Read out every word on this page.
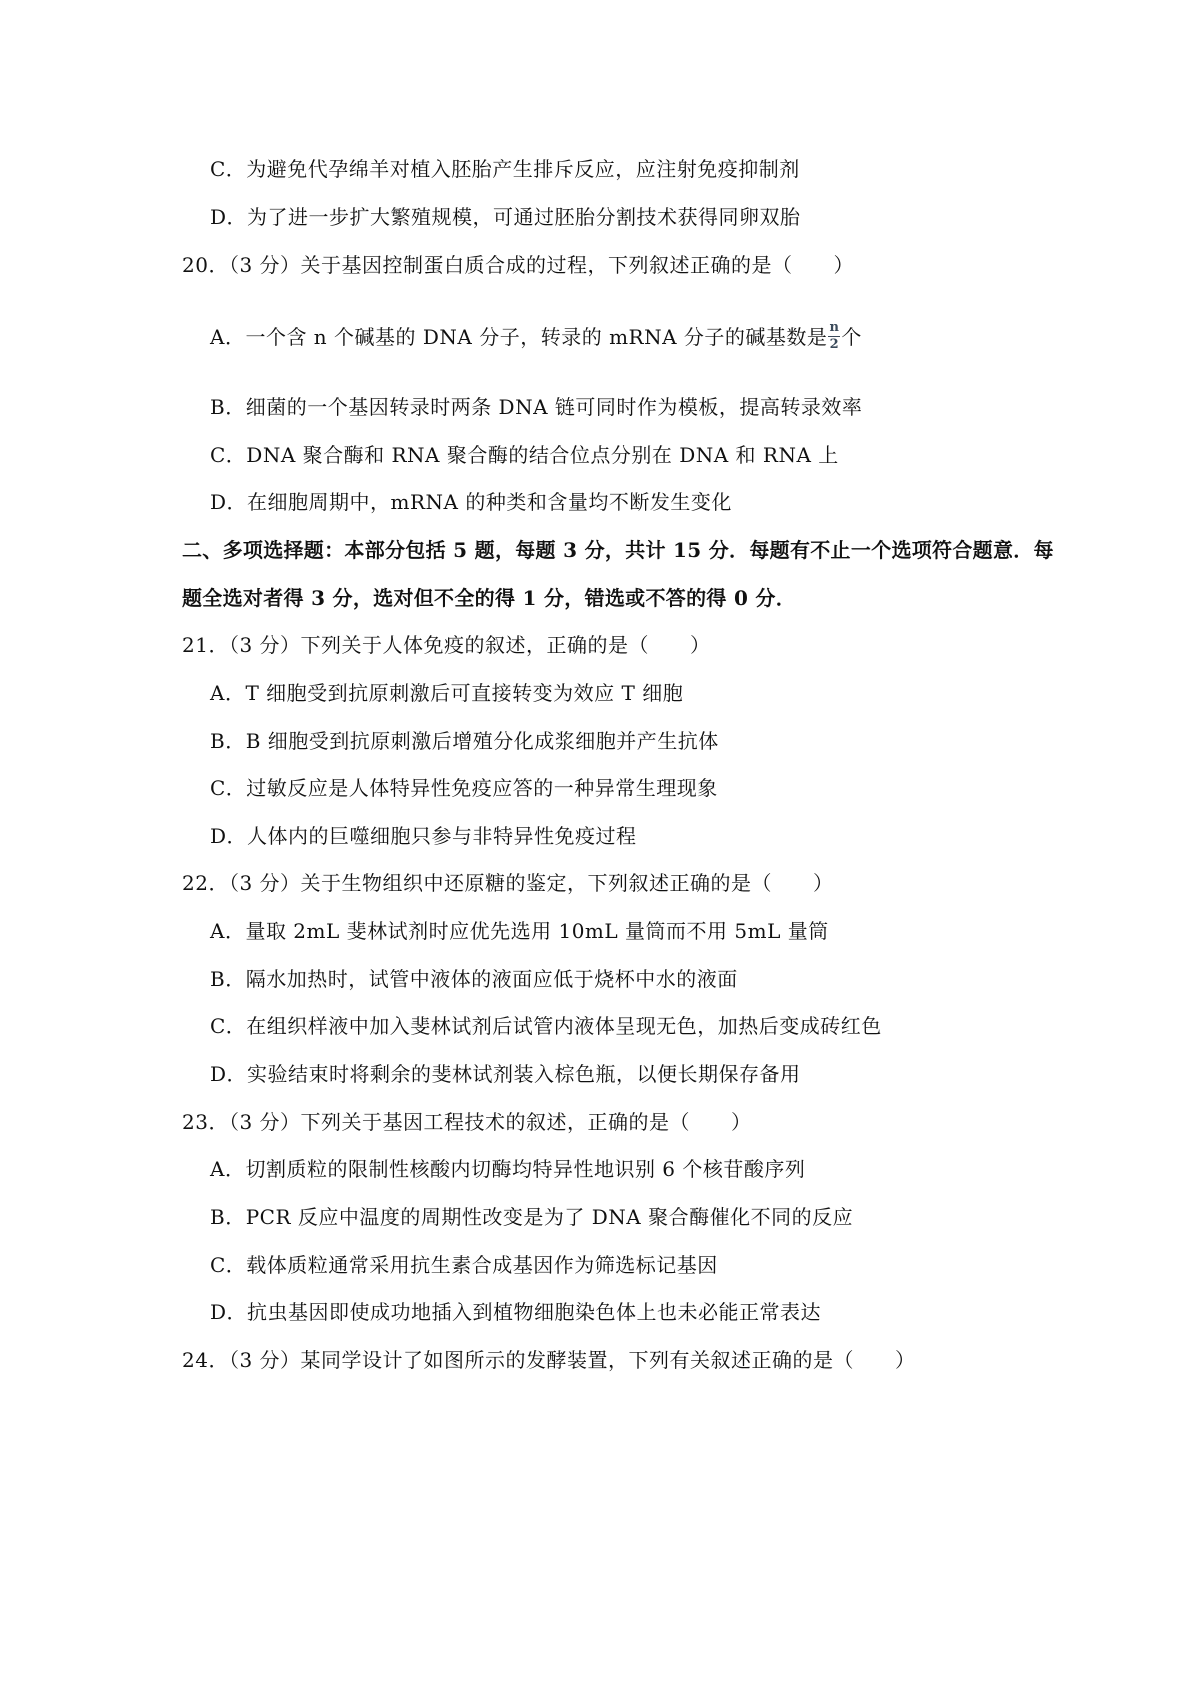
C．为避免代孕绵羊对植入胚胎产生排斥反应，应注射免疫抑制剂
D．为了进一步扩大繁殖规模，可通过胚胎分割技术获得同卵双胎
20．（3 分）关于基因控制蛋白质合成的过程，下列叙述正确的是（　　）
A．一个含 n 个碱基的 DNA 分子，转录的 mRNA 分子的碱基数是 $\frac{n}{2}$ 个
B．细菌的一个基因转录时两条 DNA 链可同时作为模板，提高转录效率
C．DNA 聚合酶和 RNA 聚合酶的结合位点分别在 DNA 和 RNA 上
D．在细胞周期中，mRNA 的种类和含量均不断发生变化
二、多项选择题：本部分包括 5 题，每题 3 分，共计 15 分．每题有不止一个选项符合题意．每
题全选对者得 3 分，选对但不全的得 1 分，错选或不答的得 0 分．
21．（3 分）下列关于人体免疫的叙述，正确的是（　　）
A．T 细胞受到抗原刺激后可直接转变为效应 T 细胞
B．B 细胞受到抗原刺激后增殖分化成浆细胞并产生抗体
C．过敏反应是人体特异性免疫应答的一种异常生理现象
D．人体内的巨噬细胞只参与非特异性免疫过程
22．（3 分）关于生物组织中还原糖的鉴定，下列叙述正确的是（　　）
A．量取 2mL 斐林试剂时应优先选用 10mL 量筒而不用 5mL 量筒
B．隔水加热时，试管中液体的液面应低于烧杯中水的液面
C．在组织样液中加入斐林试剂后试管内液体呈现无色，加热后变成砖红色
D．实验结束时将剩余的斐林试剂装入棕色瓶，以便长期保存备用
23．（3 分）下列关于基因工程技术的叙述，正确的是（　　）
A．切割质粒的限制性核酸内切酶均特异性地识别 6 个核苷酸序列
B．PCR 反应中温度的周期性改变是为了 DNA 聚合酶催化不同的反应
C．载体质粒通常采用抗生素合成基因作为筛选标记基因
D．抗虫基因即使成功地插入到植物细胞染色体上也未必能正常表达
24．（3 分）某同学设计了如图所示的发酵装置，下列有关叙述正确的是（　　）
